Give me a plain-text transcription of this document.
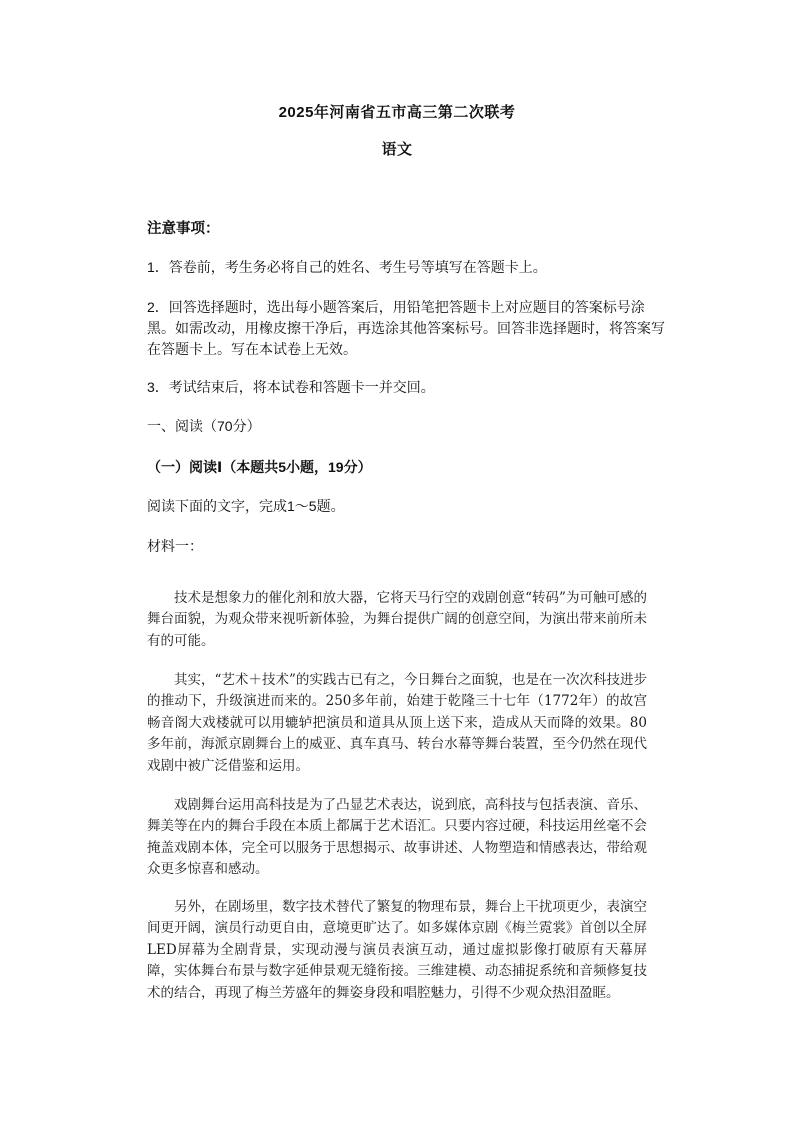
2025年河南省五市高三第二次联考
语文
注意事项：
1．答卷前，考生务必将自己的姓名、考生号等填写在答题卡上。
2．回答选择题时，选出每小题答案后，用铅笔把答题卡上对应题目的答案标号涂黑。如需改动，用橡皮擦干净后，再选涂其他答案标号。回答非选择题时，将答案写在答题卡上。写在本试卷上无效。
3．考试结束后，将本试卷和答题卡一并交回。
一、阅读（70分）
（一）阅读Ⅰ（本题共5小题，19分）
阅读下面的文字，完成1～5题。
材料一：

技术是想象力的催化剂和放大器，它将天马行空的戏剧创意“转码”为可触可感的舞台面貌，为观众带来视听新体验，为舞台提供广阔的创意空间，为演出带来前所未有的可能。

其实，“艺术＋技术”的实践古已有之，今日舞台之面貌，也是在一次次科技进步的推动下，升级演进而来的。250多年前，始建于乾隆三十七年（1772年）的故宫畅音阁大戏楼就可以用辘轳把演员和道具从顶上送下来，造成从天而降的效果。80多年前，海派京剧舞台上的威亚、真车真马、转台水幕等舞台装置，至今仍然在现代戏剧中被广泛借鉴和运用。

戏剧舞台运用高科技是为了凸显艺术表达，说到底，高科技与包括表演、音乐、舞美等在内的舞台手段在本质上都属于艺术语汇。只要内容过硬，科技运用丝毫不会掩盖戏剧本体，完全可以服务于思想揭示、故事讲述、人物塑造和情感表达，带给观众更多惊喜和感动。

另外，在剧场里，数字技术替代了繁复的物理布景，舞台上干扰项更少，表演空间更开阔，演员行动更自由，意境更旷达了。如多媒体京剧《梅兰霓裳》首创以全屏LED屏幕为全剧背景，实现动漫与演员表演互动，通过虚拟影像打破原有天幕屏障，实体舞台布景与数字延伸景观无缝衔接。三维建模、动态捕捉系统和音频修复技术的结合，再现了梅兰芳盛年的舞姿身段和唱腔魅力，引得不少观众热泪盈眶。
